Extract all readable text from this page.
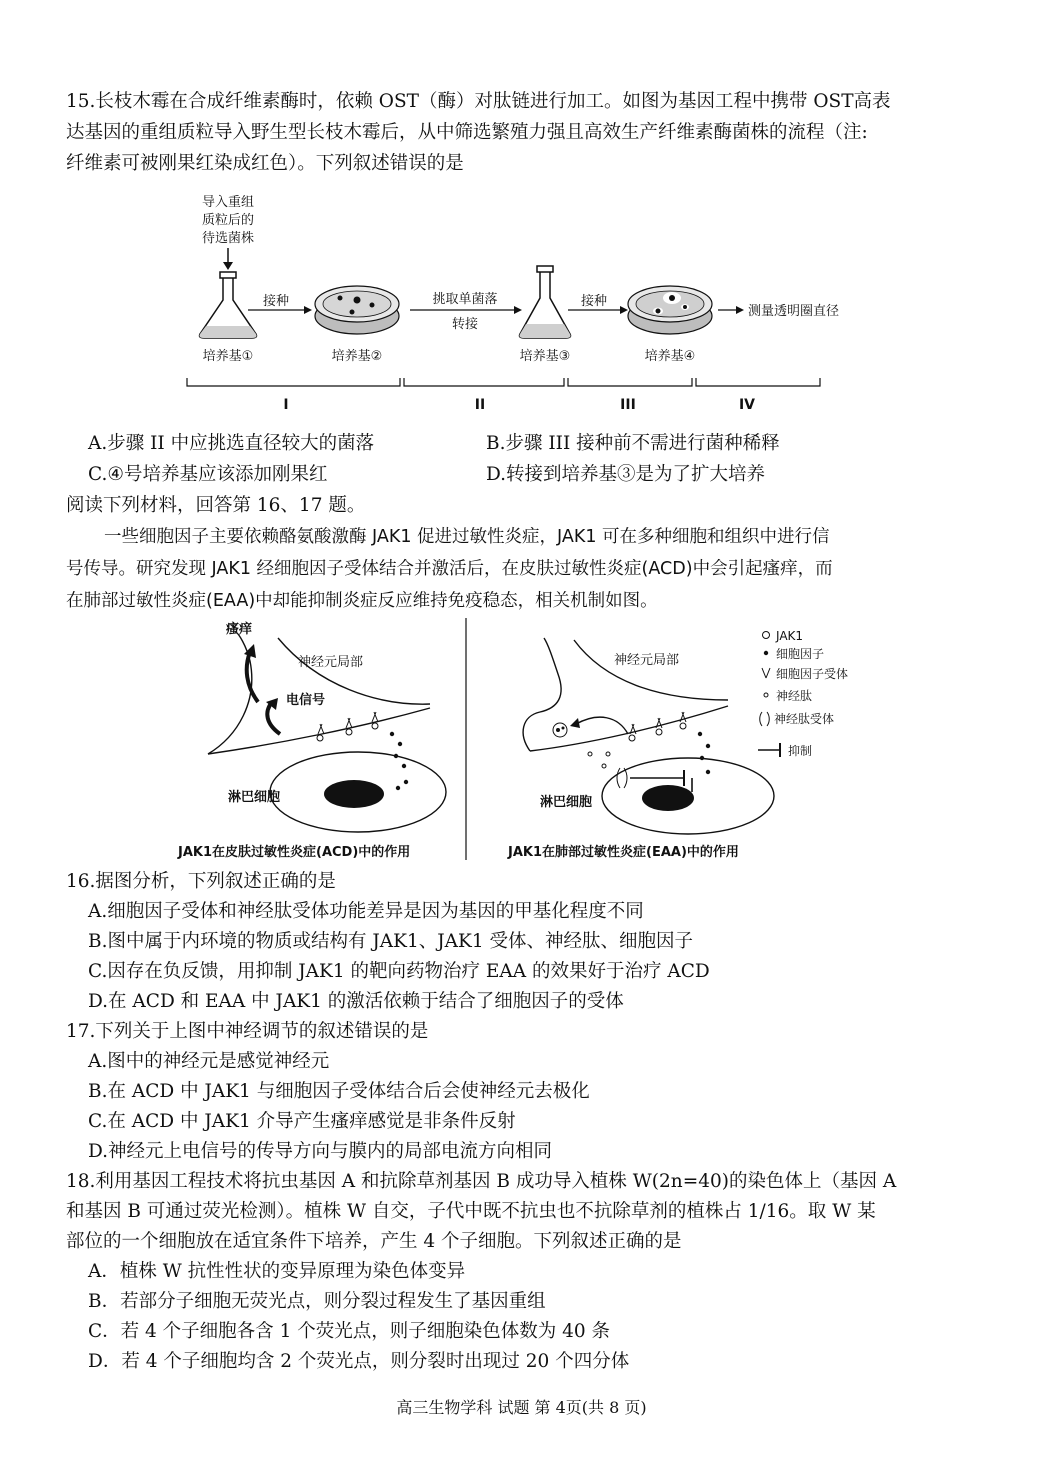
15.长枝木霉在合成纤维素酶时，依赖 OST（酶）对肽链进行加工。如图为基因工程中携带 OST高表
达基因的重组质粒导入野生型长枝木霉后，从中筛选繁殖力强且高效生产纤维素酶菌株的流程（注:
纤维素可被刚果红染成红色）。下列叙述错误的是
导入重组
质粒后的
待选菌株
培养基①
接种
培养基②
挑取单菌落
转接
培养基③
接种
培养基④
测量透明圈直径
I	II	III	IV
A.步骤 II 中应挑选直径较大的菌落	B.步骤 III 接种前不需进行菌种稀释
C.④号培养基应该添加刚果红	D.转接到培养基③是为了扩大培养
阅读下列材料，回答第 16、17 题。
一些细胞因子主要依赖酪氨酸激酶 JAK1 促进过敏性炎症，JAK1 可在多种细胞和组织中进行信
号传导。研究发现 JAK1 经细胞因子受体结合并激活后，在皮肤过敏性炎症(ACD)中会引起瘙痒，而
在肺部过敏性炎症(EAA)中却能抑制炎症反应维持免疫稳态，相关机制如图。
神经元局部
瘙痒
电信号
淋巴细胞
JAK1在皮肤过敏性炎症(ACD)中的作用
神经元局部
淋巴细胞
JAK1在肺部过敏性炎症(EAA)中的作用
JAK1
细胞因子
细胞因子受体
神经肽
神经肽受体
抑制
16.据图分析，下列叙述正确的是
A.细胞因子受体和神经肽受体功能差异是因为基因的甲基化程度不同
B.图中属于内环境的物质或结构有 JAK1、JAK1 受体、神经肽、细胞因子
C.因存在负反馈，用抑制 JAK1 的靶向药物治疗 EAA 的效果好于治疗 ACD
D.在 ACD 和 EAA 中 JAK1 的激活依赖于结合了细胞因子的受体
17.下列关于上图中神经调节的叙述错误的是
A.图中的神经元是感觉神经元
B.在 ACD 中 JAK1 与细胞因子受体结合后会使神经元去极化
C.在 ACD 中 JAK1 介导产生瘙痒感觉是非条件反射
D.神经元上电信号的传导方向与膜内的局部电流方向相同
18.利用基因工程技术将抗虫基因 A 和抗除草剂基因 B 成功导入植株 W(2n=40)的染色体上（基因 A
和基因 B 可通过荧光检测）。植株 W 自交，子代中既不抗虫也不抗除草剂的植株占 1/16。取 W 某
部位的一个细胞放在适宜条件下培养，产生 4 个子细胞。下列叙述正确的是
A．植株 W 抗性性状的变异原理为染色体变异
B．若部分子细胞无荧光点，则分裂过程发生了基因重组
C．若 4 个子细胞各含 1 个荧光点，则子细胞染色体数为 40 条
D．若 4 个子细胞均含 2 个荧光点，则分裂时出现过 20 个四分体
高三生物学科 试题 第 4页(共 8 页)
